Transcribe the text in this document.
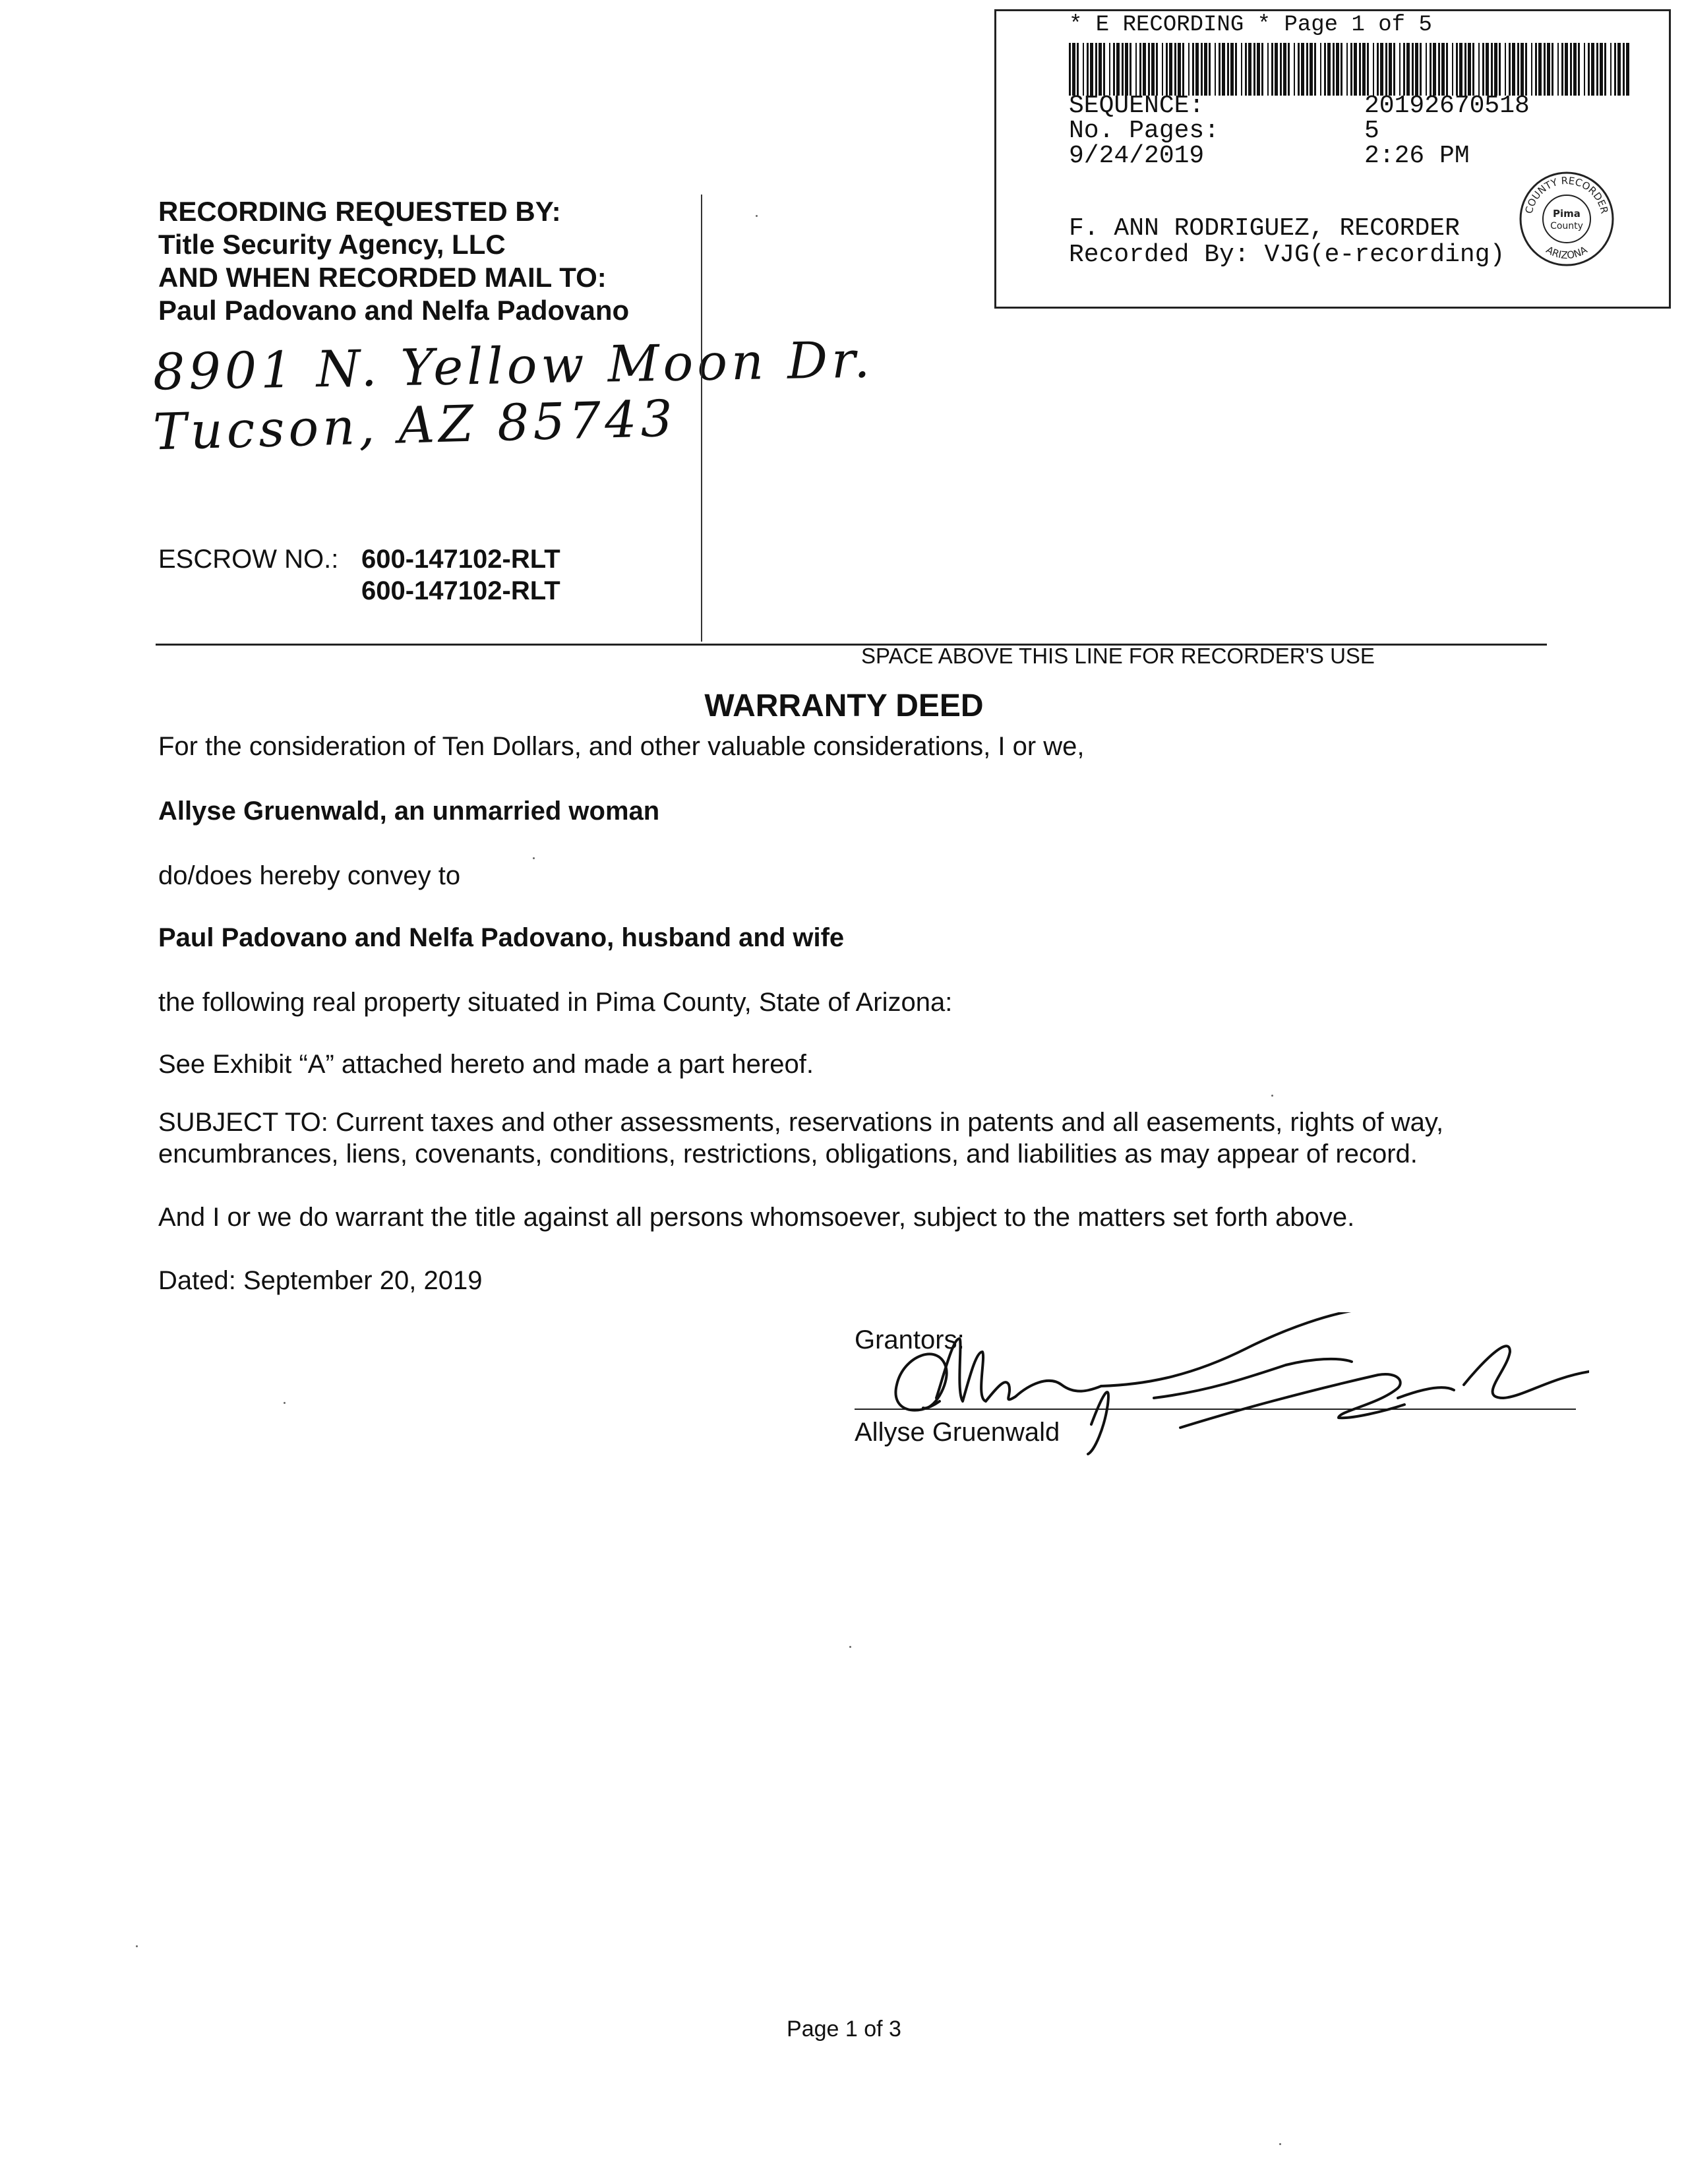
* E RECORDING * Page 1 of 5
SEQUENCE:	20192670518
No. Pages:	5
9/24/2019	2:26 PM
F. ANN RODRIGUEZ, RECORDER
Recorded By: VJG(e-recording)
COUNTY RECORDER
ARIZONA
Pima
County
RECORDING REQUESTED BY:
Title Security Agency, LLC
AND WHEN RECORDED MAIL TO:
Paul Padovano and Nelfa Padovano
8901 N. Yellow Moon Dr.
Tucson, AZ 85743
ESCROW NO.: 600-147102-RLT
600-147102-RLT
SPACE ABOVE THIS LINE FOR RECORDER'S USE
WARRANTY DEED
For the consideration of Ten Dollars, and other valuable considerations, I or we,
Allyse Gruenwald, an unmarried woman
do/does hereby convey to
Paul Padovano and Nelfa Padovano, husband and wife
the following real property situated in Pima County, State of Arizona:
See Exhibit “A” attached hereto and made a part hereof.
SUBJECT TO: Current taxes and other assessments, reservations in patents and all easements, rights of way,
encumbrances, liens, covenants, conditions, restrictions, obligations, and liabilities as may appear of record.
And I or we do warrant the title against all persons whomsoever, subject to the matters set forth above.
Dated: September 20, 2019
Grantors:
Allyse Gruenwald
Page 1 of 3
